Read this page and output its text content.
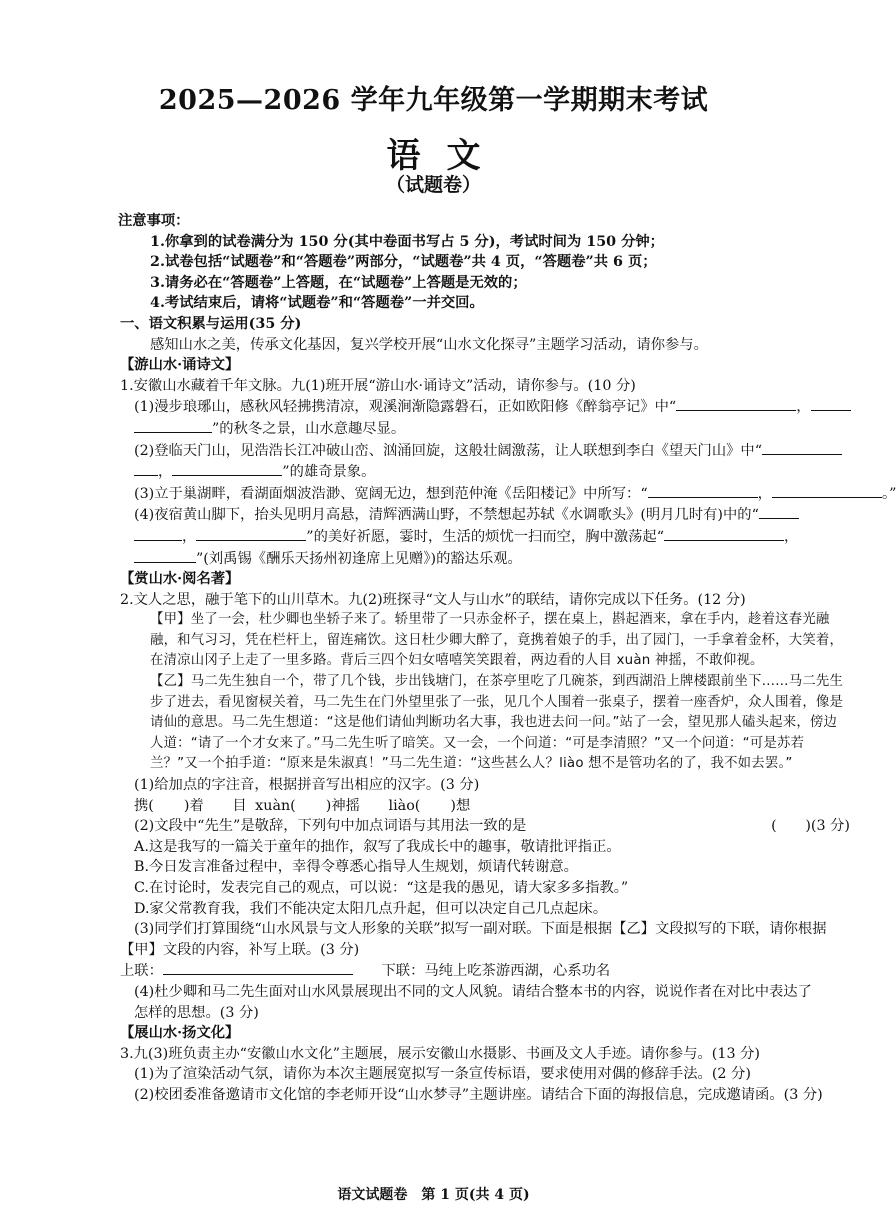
2025—2026 学年九年级第一学期期末考试
语文
（试题卷）

注意事项：

1.你拿到的试卷满分为 150 分(其中卷面书写占 5 分)，考试时间为 150 分钟；

2.试卷包括“试题卷”和“答题卷”两部分，“试题卷”共 4 页，“答题卷”共 6 页；

3.请务必在“答题卷”上答题，在“试题卷”上答题是无效的；

4.考试结束后，请将“试题卷”和“答题卷”一并交回。

一、语文积累与运用(35 分)

感知山水之美，传承文化基因，复兴学校开展“山水文化探寻”主题学习活动，请你参与。

【游山水·诵诗文】

1.安徽山水藏着千年文脉。九(1)班开展“游山水·诵诗文”活动，请你参与。(10 分)

(1)漫步琅琊山，感秋风轻拂携清凉，观溪涧渐隐露磐石，正如欧阳修《醉翁亭记》中“	，

”的秋冬之景，山水意趣尽显。

(2)登临天门山，见浩浩长江冲破山峦、汹涌回旋，这般壮阔激荡，让人联想到李白《望天门山》中“

，	”的雄奇景象。

(3)立于巢湖畔，看湖面烟波浩渺、宽阔无边，想到范仲淹《岳阳楼记》中所写：“	，	。”

(4)夜宿黄山脚下，抬头见明月高悬，清辉洒满山野，不禁想起苏轼《水调歌头》(明月几时有)中的“

，	”的美好祈愿，霎时，生活的烦忧一扫而空，胸中激荡起“	，

”(刘禹锡《酬乐天扬州初逢席上见赠》)的豁达乐观。

【赏山水·阅名著】

2.文人之思，融于笔下的山川草木。九(2)班探寻“文人与山水”的联结，请你完成以下任务。(12 分)

【甲】坐了一会，杜少卿也坐轿子来了。轿里带了一只赤金杯子，摆在桌上，斟起酒来，拿在手内，趁着这春光融融，和气习习，凭在栏杆上，留连痛饮。这日杜少卿大醉了，竟携着娘子的手，出了园门，一手拿着金杯，大笑着，在清凉山冈子上走了一里多路。背后三四个妇女嘻嘻笑笑跟着，两边看的人目 xuàn 神摇，不敢仰视。

【乙】马二先生独自一个，带了几个钱，步出钱塘门，在茶亭里吃了几碗茶，到西湖沿上牌楼跟前坐下……马二先生步了进去，看见窗棂关着，马二先生在门外望里张了一张，见几个人围着一张桌子，摆着一座香炉，众人围着，像是请仙的意思。马二先生想道：“这是他们请仙判断功名大事，我也进去问一问。”站了一会，望见那人磕头起来，傍边人道：“请了一个才女来了。”马二先生听了暗笑。又一会，一个问道：“可是李清照？”又一个问道：“可是苏若兰？”又一个拍手道：“原来是朱淑真！”马二先生道：“这些甚么人？liào 想不是管功名的了，我不如去罢。”

(1)给加点的字注音，根据拼音写出相应的汉字。(3 分)

携( )着　　 目 xuàn( )神摇　　 liào( )想

(2)文段中“先生”是敬辞，下列句中加点词语与其用法一致的是	(　　)(3 分)

A.这是我写的一篇关于童年的拙作，叙写了我成长中的趣事，敬请批评指正。

B.今日发言准备过程中，幸得令尊悉心指导人生规划，烦请代转谢意。

C.在讨论时，发表完自己的观点，可以说：“这是我的愚见，请大家多多指教。”

D.家父常教育我，我们不能决定太阳几点升起，但可以决定自己几点起床。

(3)同学们打算围绕“山水风景与文人形象的关联”拟写一副对联。下面是根据【乙】文段拟写的下联，请你根据

【甲】文段的内容，补写上联。(3 分)

上联：　　	下联：马纯上吃茶游西湖，心系功名

(4)杜少卿和马二先生面对山水风景展现出不同的文人风貌。请结合整本书的内容，说说作者在对比中表达了

怎样的思想。(3 分)

【展山水·扬文化】

3.九(3)班负责主办“安徽山水文化”主题展，展示安徽山水摄影、书画及文人手迹。请你参与。(13 分)

(1)为了渲染活动气氛，请你为本次主题展宽拟写一条宣传标语，要求使用对偶的修辞手法。(2 分)

(2)校团委准备邀请市文化馆的李老师开设“山水梦寻”主题讲座。请结合下面的海报信息，完成邀请函。(3 分)

语文试题卷　第 1 页(共 4 页)
